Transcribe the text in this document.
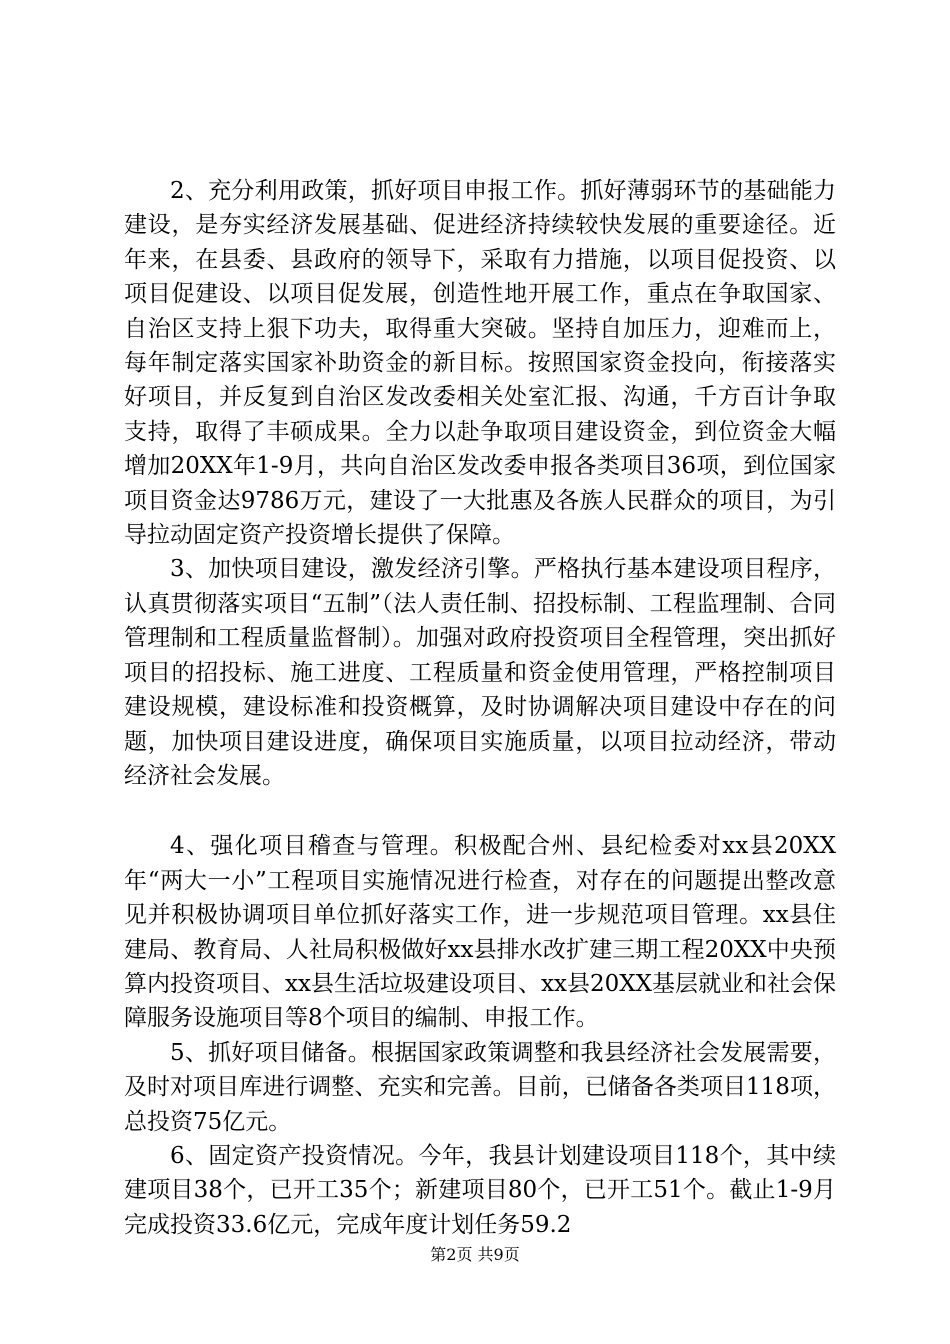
2、充分利用政策，抓好项目申报工作。抓好薄弱环节的基础能力建设，是夯实经济发展基础、促进经济持续较快发展的重要途径。近年来，在县委、县政府的领导下，采取有力措施，以项目促投资、以项目促建设、以项目促发展，创造性地开展工作，重点在争取国家、自治区支持上狠下功夫，取得重大突破。坚持自加压力，迎难而上，每年制定落实国家补助资金的新目标。按照国家资金投向，衔接落实好项目，并反复到自治区发改委相关处室汇报、沟通，千方百计争取支持，取得了丰硕成果。全力以赴争取项目建设资金，到位资金大幅增加20XX年1-9月，共向自治区发改委申报各类项目36项，到位国家项目资金达9786万元，建设了一大批惠及各族人民群众的项目，为引导拉动固定资产投资增长提供了保障。

3、加快项目建设，激发经济引擎。严格执行基本建设项目程序，认真贯彻落实项目“五制”（法人责任制、招投标制、工程监理制、合同管理制和工程质量监督制）。加强对政府投资项目全程管理，突出抓好项目的招投标、施工进度、工程质量和资金使用管理，严格控制项目建设规模，建设标准和投资概算，及时协调解决项目建设中存在的问题，加快项目建设进度，确保项目实施质量，以项目拉动经济，带动经济社会发展。

4、强化项目稽查与管理。积极配合州、县纪检委对xx县20XX年“两大一小”工程项目实施情况进行检查，对存在的问题提出整改意见并积极协调项目单位抓好落实工作，进一步规范项目管理。xx县住建局、教育局、人社局积极做好xx县排水改扩建三期工程20XX中央预算内投资项目、xx县生活垃圾建设项目、xx县20XX基层就业和社会保障服务设施项目等8个项目的编制、申报工作。

5、抓好项目储备。根据国家政策调整和我县经济社会发展需要，及时对项目库进行调整、充实和完善。目前，已储备各类项目118项，总投资75亿元。

6、固定资产投资情况。今年，我县计划建设项目118个，其中续建项目38个，已开工35个；新建项目80个，已开工51个。截止1-9月完成投资33.6亿元，完成年度计划任务59.2

第2页 共9页
